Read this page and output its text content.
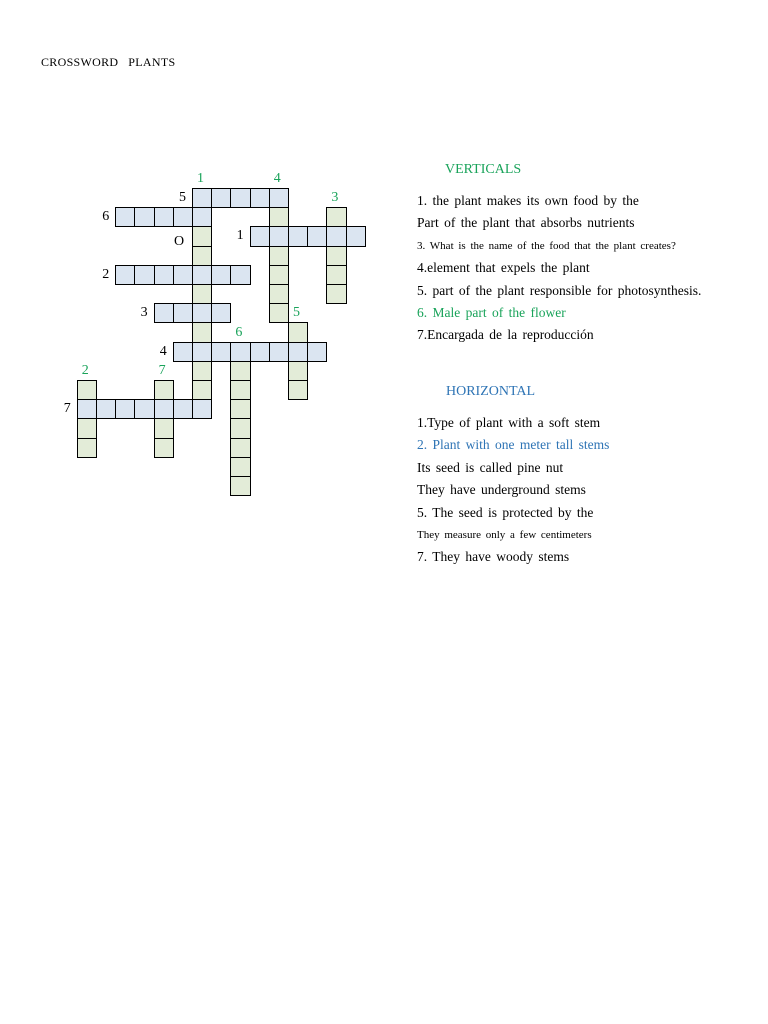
CROSSWORD   PLANTS
5
6
1
2
3
4
7
1	4
3
5
6
2	7
O
VERTICALS
1. the plant makes its own food by the
Part of the plant that absorbs nutrients
3. What is the name of the food that the plant creates?
4.element that expels the plant
5. part of the plant responsible for photosynthesis.
6. Male part of the flower
7.Encargada de la reproducción
HORIZONTAL
1.Type of plant with a soft stem
2. Plant with one meter tall stems
Its seed is called pine nut
They have underground stems
5. The seed is protected by the
They measure only a few centimeters
7. They have woody stems
